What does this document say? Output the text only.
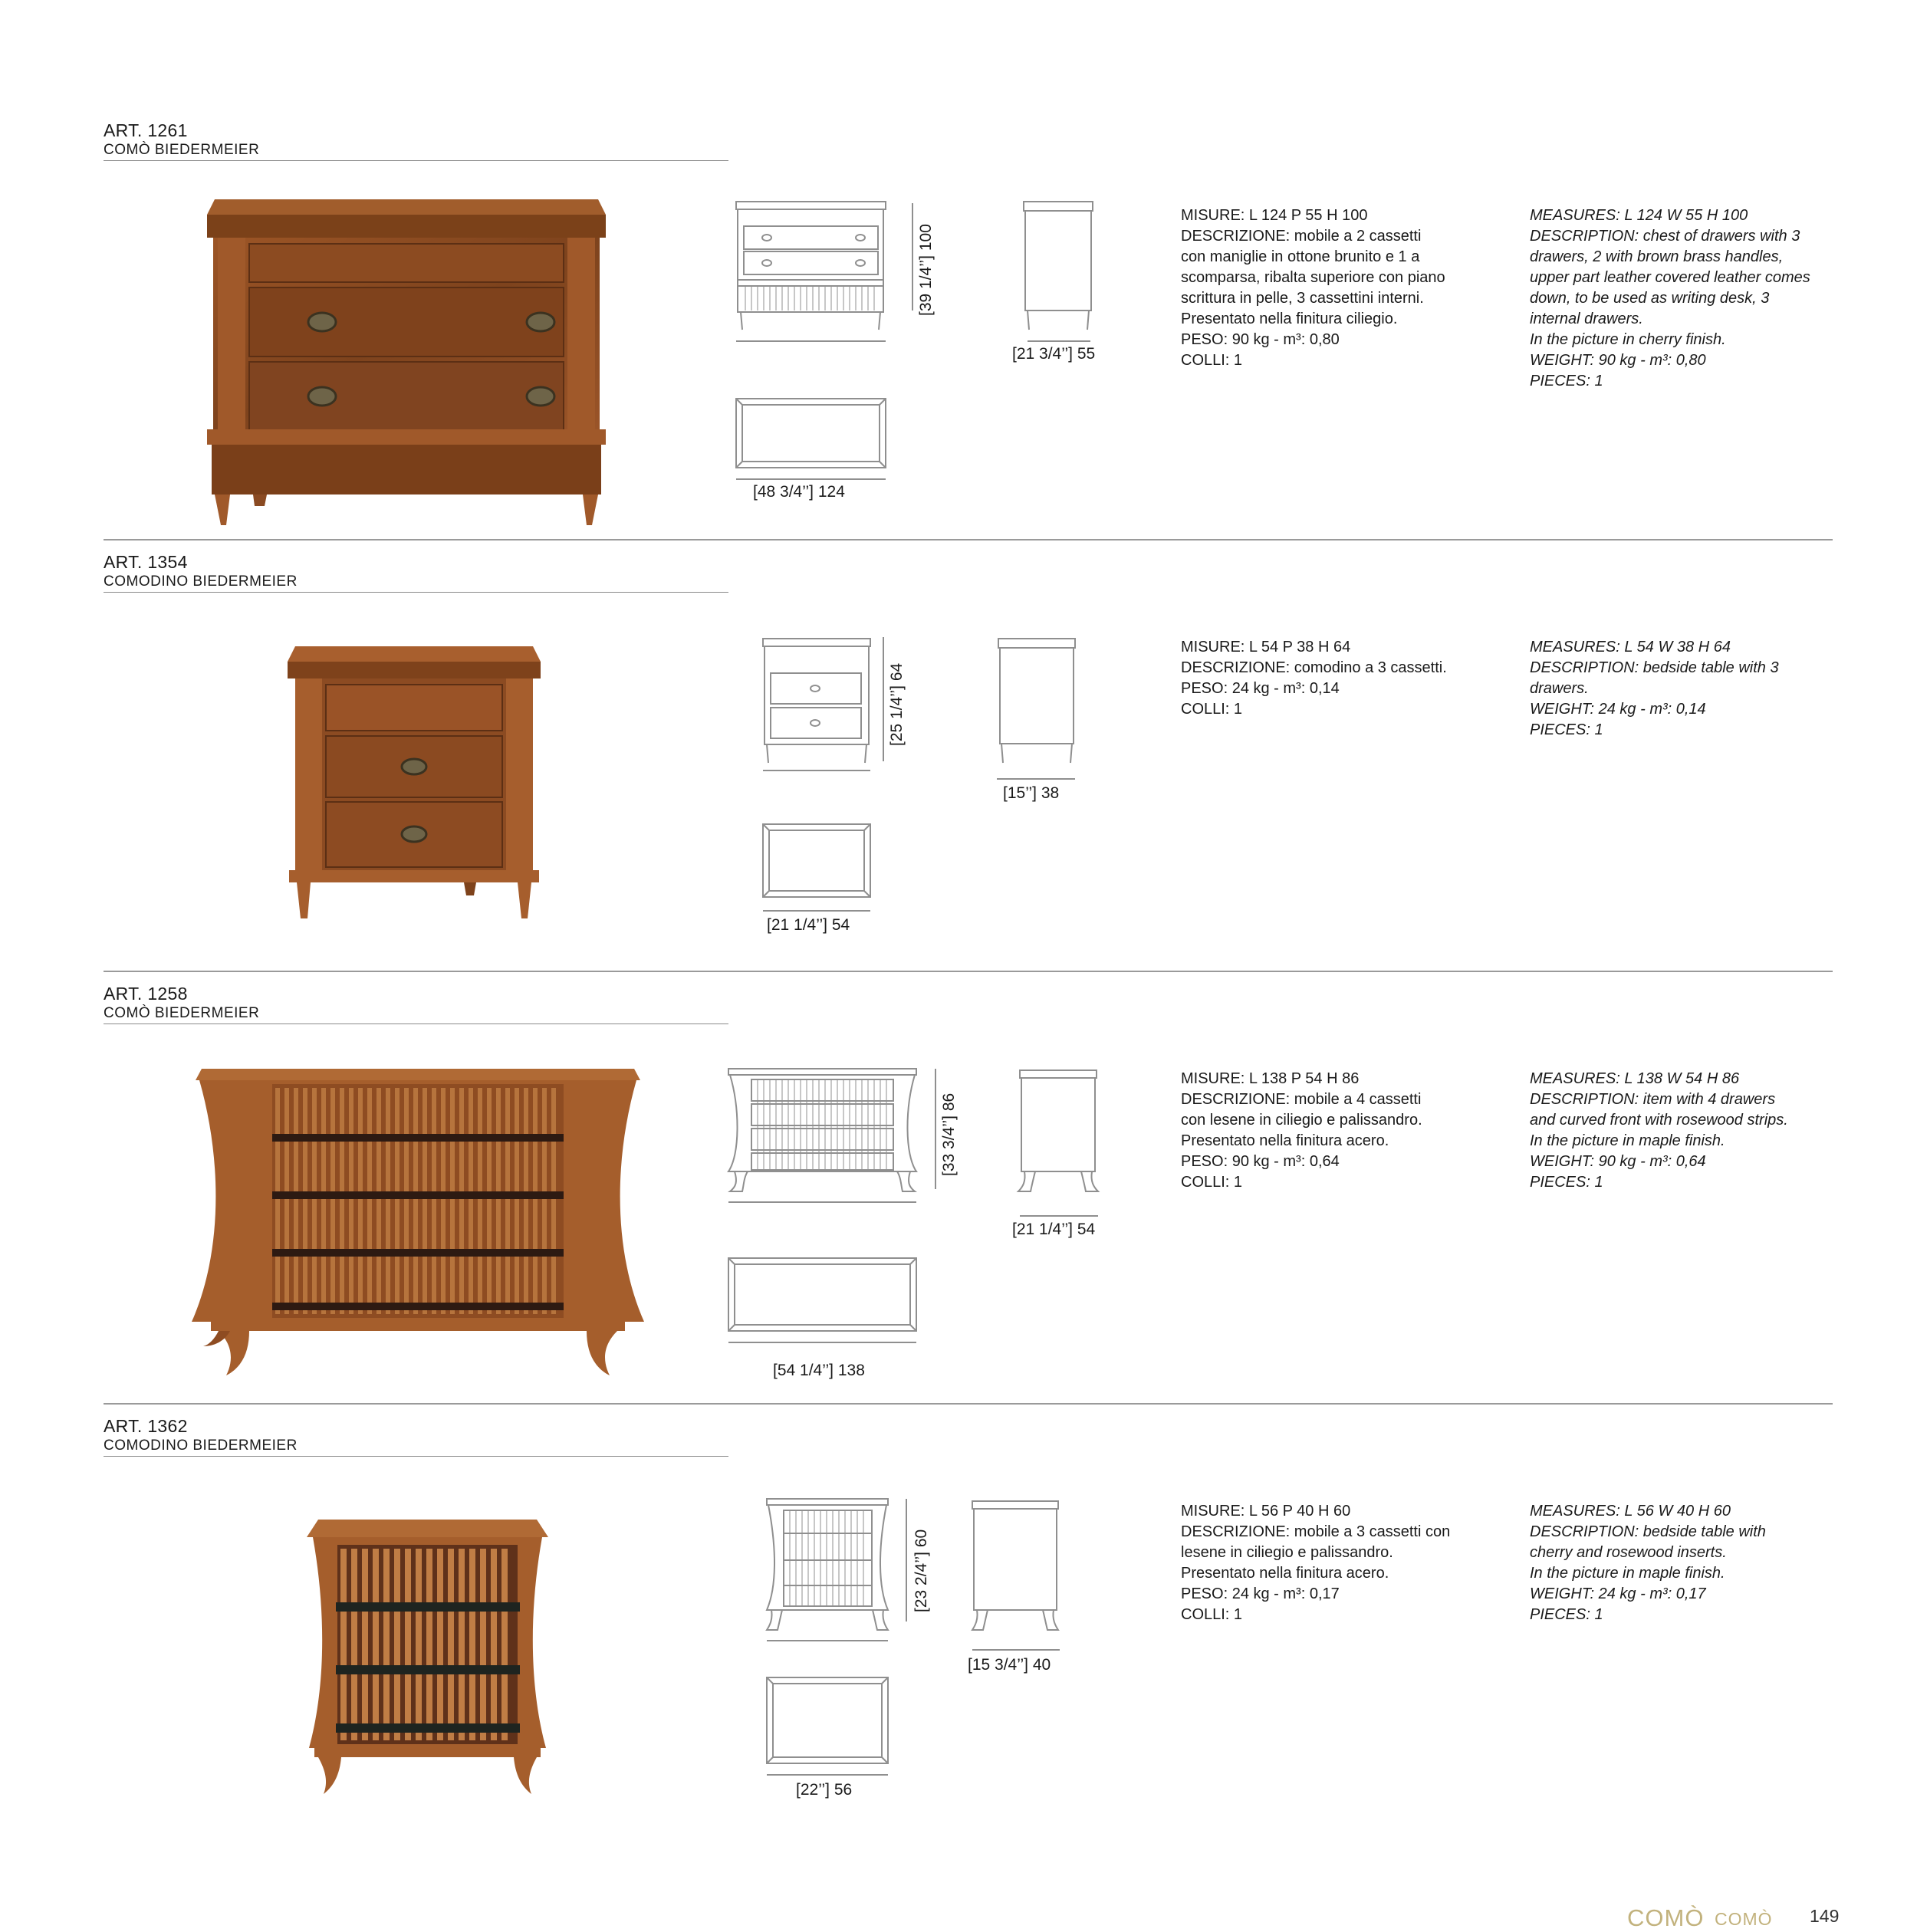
ART. 1261
COMÒ BIEDERMEIER
[39 1/4’’] 100
[21 3/4’’] 55
[48 3/4’’] 124
MISURE: L 124 P 55 H 100
DESCRIZIONE: mobile a 2 cassetti
con maniglie in ottone brunito e 1 a
scomparsa, ribalta superiore con piano
scrittura in pelle, 3 cassettini interni.
Presentato nella finitura ciliegio.
PESO: 90 kg - m³: 0,80
COLLI: 1
MEASURES: L 124 W 55 H 100
DESCRIPTION: chest of drawers with 3
drawers, 2 with brown brass handles,
upper part leather covered leather comes
down, to be used as writing desk, 3
internal drawers.
In the picture in cherry finish.
WEIGHT: 90 kg - m³: 0,80
PIECES: 1
ART. 1354
COMODINO BIEDERMEIER
[25 1/4’’] 64
[15’’] 38
[21 1/4’’] 54
MISURE: L 54 P 38 H 64
DESCRIZIONE: comodino a 3 cassetti.
PESO: 24 kg - m³: 0,14
COLLI: 1
MEASURES: L 54 W 38 H 64
DESCRIPTION: bedside table with 3
drawers.
WEIGHT: 24 kg - m³: 0,14
PIECES: 1
ART. 1258
COMÒ BIEDERMEIER
[33 3/4’’] 86
[21 1/4’’] 54
[54 1/4’’] 138
MISURE: L 138 P 54 H 86
DESCRIZIONE: mobile a 4 cassetti
con lesene in ciliegio e palissandro.
Presentato nella finitura acero.
PESO: 90 kg - m³: 0,64
COLLI: 1
MEASURES: L 138 W 54 H 86
DESCRIPTION: item with 4 drawers
and curved front with rosewood strips.
In the picture in maple finish.
WEIGHT: 90 kg - m³: 0,64
PIECES: 1
ART. 1362
COMODINO BIEDERMEIER
[23 2/4’’] 60
[15 3/4’’] 40
[22’’] 56
MISURE: L 56 P 40 H 60
DESCRIZIONE: mobile a 3 cassetti con
lesene in ciliegio e palissandro.
Presentato nella finitura acero.
PESO: 24 kg - m³: 0,17
COLLI: 1
MEASURES: L 56 W 40 H 60
DESCRIPTION: bedside table with
cherry and rosewood inserts.
In the picture in maple finish.
WEIGHT: 24 kg - m³: 0,17
PIECES: 1
COMÒ COMÒ 149
